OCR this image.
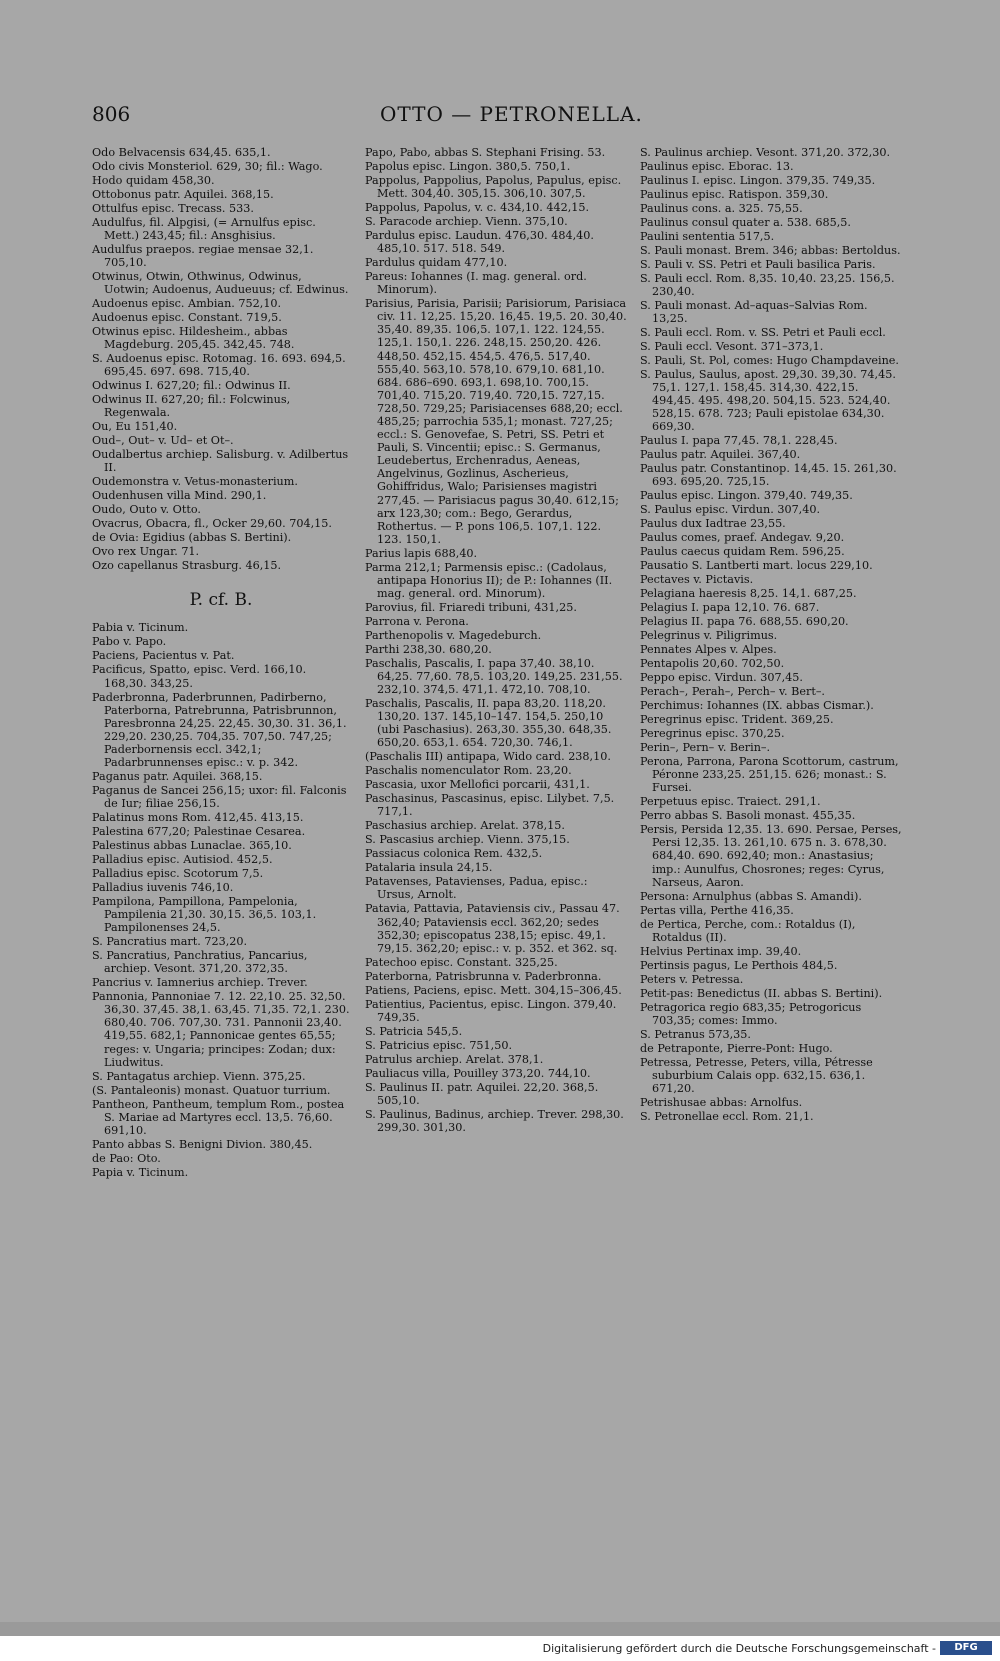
806	OTTO — PETRONELLA.
Odo Belvacensis 634,45. 635,1.
Odo civis Monsteriol. 629, 30; fil.: Wago.
Hodo quidam 458,30.
Ottobonus patr. Aquilei. 368,15.
Ottulfus episc. Trecass. 533.
Audulfus, fil. Alpgisi, (= Arnulfus episc. Mett.) 243,45; fil.: Ansghisius.
Audulfus praepos. regiae mensae 32,1. 705,10.
Otwinus, Otwin, Othwinus, Odwinus, Uotwin; Audoenus, Audueuus; cf. Edwinus.
Audoenus episc. Ambian. 752,10.
Audoenus episc. Constant. 719,5.
Otwinus episc. Hildesheim., abbas Magdeburg. 205,45. 342,45. 748.
S. Audoenus episc. Rotomag. 16. 693. 694,5. 695,45. 697. 698. 715,40.
Odwinus I. 627,20; fil.: Odwinus II.
Odwinus II. 627,20; fil.: Folcwinus, Regenwala.
Ou, Eu 151,40.
Oud–, Out– v. Ud– et Ot–.
Oudalbertus archiep. Salisburg. v. Adilbertus II.
Oudemonstra v. Vetus-monasterium.
Oudenhusen villa Mind. 290,1.
Oudo, Outo v. Otto.
Ovacrus, Obacra, fl., Ocker 29,60. 704,15.
de Ovia: Egidius (abbas S. Bertini).
Ovo rex Ungar. 71.
Ozo capellanus Strasburg. 46,15.
P. cf. B.
Pabia v. Ticinum.
Pabo v. Papo.
Paciens, Pacientus v. Pat.
Pacificus, Spatto, episc. Verd. 166,10. 168,30. 343,25.
Paderbronna, Paderbrunnen, Padirberno, Paterborna, Patrebrunna, Patrisbrunnon, Paresbronna 24,25. 22,45. 30,30. 31. 36,1. 229,20. 230,25. 704,35. 707,50. 747,25; Paderbornensis eccl. 342,1; Padarbrunnenses episc.: v. p. 342.
Paganus patr. Aquilei. 368,15.
Paganus de Sancei 256,15; uxor: fil. Falconis de Iur; filiae 256,15.
Palatinus mons Rom. 412,45. 413,15.
Palestina 677,20; Palestinae Cesarea.
Palestinus abbas Lunaclae. 365,10.
Palladius episc. Autisiod. 452,5.
Palladius episc. Scotorum 7,5.
Palladius iuvenis 746,10.
Pampilona, Pampillona, Pampelonia, Pampilenia 21,30. 30,15. 36,5. 103,1. Pampilonenses 24,5.
S. Pancratius mart. 723,20.
S. Pancratius, Panchratius, Pancarius, archiep. Vesont. 371,20. 372,35.
Pancrius v. Iamnerius archiep. Trever.
Pannonia, Pannoniae 7. 12. 22,10. 25. 32,50. 36,30. 37,45. 38,1. 63,45. 71,35. 72,1. 230. 680,40. 706. 707,30. 731. Pannonii 23,40. 419,55. 682,1; Pannonicae gentes 65,55; reges: v. Ungaria; principes: Zodan; dux: Liudwitus.
S. Pantagatus archiep. Vienn. 375,25.
(S. Pantaleonis) monast. Quatuor turrium.
Pantheon, Pantheum, templum Rom., postea S. Mariae ad Martyres eccl. 13,5. 76,60. 691,10.
Panto abbas S. Benigni Divion. 380,45.
de Pao: Oto.
Papia v. Ticinum.
Papo, Pabo, abbas S. Stephani Frising. 53.
Papolus episc. Lingon. 380,5. 750,1.
Pappolus, Pappolius, Papolus, Papulus, episc. Mett. 304,40. 305,15. 306,10. 307,5.
Pappolus, Papolus, v. c. 434,10. 442,15.
S. Paracode archiep. Vienn. 375,10.
Pardulus episc. Laudun. 476,30. 484,40. 485,10. 517. 518. 549.
Pardulus quidam 477,10.
Pareus: Iohannes (I. mag. general. ord. Minorum).
Parisius, Parisia, Parisii; Parisiorum, Parisiaca civ. 11. 12,25. 15,20. 16,45. 19,5. 20. 30,40. 35,40. 89,35. 106,5. 107,1. 122. 124,55. 125,1. 150,1. 226. 248,15. 250,20. 426. 448,50. 452,15. 454,5. 476,5. 517,40. 555,40. 563,10. 578,10. 679,10. 681,10. 684. 686–690. 693,1. 698,10. 700,15. 701,40. 715,20. 719,40. 720,15. 727,15. 728,50. 729,25; Parisiacenses 688,20; eccl. 485,25; parrochia 535,1; monast. 727,25; eccl.: S. Genovefae, S. Petri, SS. Petri et Pauli, S. Vincentii; episc.: S. Germanus, Leudebertus, Erchenradus, Aeneas, Angelvinus, Gozlinus, Ascherieus, Gohiffridus, Walo; Parisienses magistri 277,45. — Parisiacus pagus 30,40. 612,15; arx 123,30; com.: Bego, Gerardus, Rothertus. — P. pons 106,5. 107,1. 122. 123. 150,1.
Parius lapis 688,40.
Parma 212,1; Parmensis episc.: (Cadolaus, antipapa Honorius II); de P.: Iohannes (II. mag. general. ord. Minorum).
Parovius, fil. Friaredi tribuni, 431,25.
Parrona v. Perona.
Parthenopolis v. Magedeburch.
Parthi 238,30. 680,20.
Paschalis, Pascalis, I. papa 37,40. 38,10. 64,25. 77,60. 78,5. 103,20. 149,25. 231,55. 232,10. 374,5. 471,1. 472,10. 708,10.
Paschalis, Pascalis, II. papa 83,20. 118,20. 130,20. 137. 145,10–147. 154,5. 250,10 (ubi Paschasius). 263,30. 355,30. 648,35. 650,20. 653,1. 654. 720,30. 746,1.
(Paschalis III) antipapa, Wido card. 238,10.
Paschalis nomenculator Rom. 23,20.
Pascasia, uxor Mellofici porcarii, 431,1.
Paschasinus, Pascasinus, episc. Lilybet. 7,5. 717,1.
Paschasius archiep. Arelat. 378,15.
S. Pascasius archiep. Vienn. 375,15.
Passiacus colonica Rem. 432,5.
Patalaria insula 24,15.
Patavenses, Patavienses, Padua, episc.: Ursus, Arnolt.
Patavia, Pattavia, Pataviensis civ., Passau 47. 362,40; Pataviensis eccl. 362,20; sedes 352,30; episcopatus 238,15; episc. 49,1. 79,15. 362,20; episc.: v. p. 352. et 362. sq.
Patechoo episc. Constant. 325,25.
Paterborna, Patrisbrunna v. Paderbronna.
Patiens, Paciens, episc. Mett. 304,15–306,45.
Patientius, Pacientus, episc. Lingon. 379,40. 749,35.
S. Patricia 545,5.
S. Patricius episc. 751,50.
Patrulus archiep. Arelat. 378,1.
Pauliacus villa, Pouilley 373,20. 744,10.
S. Paulinus II. patr. Aquilei. 22,20. 368,5. 505,10.
S. Paulinus, Badinus, archiep. Trever. 298,30. 299,30. 301,30.
S. Paulinus archiep. Vesont. 371,20. 372,30.
Paulinus episc. Eborac. 13.
Paulinus I. episc. Lingon. 379,35. 749,35.
Paulinus episc. Ratispon. 359,30.
Paulinus cons. a. 325. 75,55.
Paulinus consul quater a. 538. 685,5.
Paulini sententia 517,5.
S. Pauli monast. Brem. 346; abbas: Bertoldus.
S. Pauli v. SS. Petri et Pauli basilica Paris.
S. Pauli eccl. Rom. 8,35. 10,40. 23,25. 156,5. 230,40.
S. Pauli monast. Ad–aquas–Salvias Rom. 13,25.
S. Pauli eccl. Rom. v. SS. Petri et Pauli eccl.
S. Pauli eccl. Vesont. 371–373,1.
S. Pauli, St. Pol, comes: Hugo Champdaveine.
S. Paulus, Saulus, apost. 29,30. 39,30. 74,45. 75,1. 127,1. 158,45. 314,30. 422,15. 494,45. 495. 498,20. 504,15. 523. 524,40. 528,15. 678. 723; Pauli epistolae 634,30. 669,30.
Paulus I. papa 77,45. 78,1. 228,45.
Paulus patr. Aquilei. 367,40.
Paulus patr. Constantinop. 14,45. 15. 261,30. 693. 695,20. 725,15.
Paulus episc. Lingon. 379,40. 749,35.
S. Paulus episc. Virdun. 307,40.
Paulus dux Iadtrae 23,55.
Paulus comes, praef. Andegav. 9,20.
Paulus caecus quidam Rem. 596,25.
Pausatio S. Lantberti mart. locus 229,10.
Pectaves v. Pictavis.
Pelagiana haeresis 8,25. 14,1. 687,25.
Pelagius I. papa 12,10. 76. 687.
Pelagius II. papa 76. 688,55. 690,20.
Pelegrinus v. Piligrimus.
Pennates Alpes v. Alpes.
Pentapolis 20,60. 702,50.
Peppo episc. Virdun. 307,45.
Perach–, Perah–, Perch– v. Bert–.
Perchimus: Iohannes (IX. abbas Cismar.).
Peregrinus episc. Trident. 369,25.
Peregrinus episc. 370,25.
Perin–, Pern– v. Berin–.
Perona, Parrona, Parona Scottorum, castrum, Péronne 233,25. 251,15. 626; monast.: S. Fursei.
Perpetuus episc. Traiect. 291,1.
Perro abbas S. Basoli monast. 455,35.
Persis, Persida 12,35. 13. 690. Persae, Perses, Persi 12,35. 13. 261,10. 675 n. 3. 678,30. 684,40. 690. 692,40; mon.: Anastasius; imp.: Aunulfus, Chosrones; reges: Cyrus, Narseus, Aaron.
Persona: Arnulphus (abbas S. Amandi).
Pertas villa, Perthe 416,35.
de Pertica, Perche, com.: Rotaldus (I), Rotaldus (II).
Helvius Pertinax imp. 39,40.
Pertinsis pagus, Le Perthois 484,5.
Peters v. Petressa.
Petit-pas: Benedictus (II. abbas S. Bertini).
Petragorica regio 683,35; Petrogoricus 703,35; comes: Immo.
S. Petranus 573,35.
de Petraponte, Pierre-Pont: Hugo.
Petressa, Petresse, Peters, villa, Pétresse suburbium Calais opp. 632,15. 636,1. 671,20.
Petrishusae abbas: Arnolfus.
S. Petronellae eccl. Rom. 21,1.
Digitalisierung gefördert durch die Deutsche Forschungsgemeinschaft -	DFG
